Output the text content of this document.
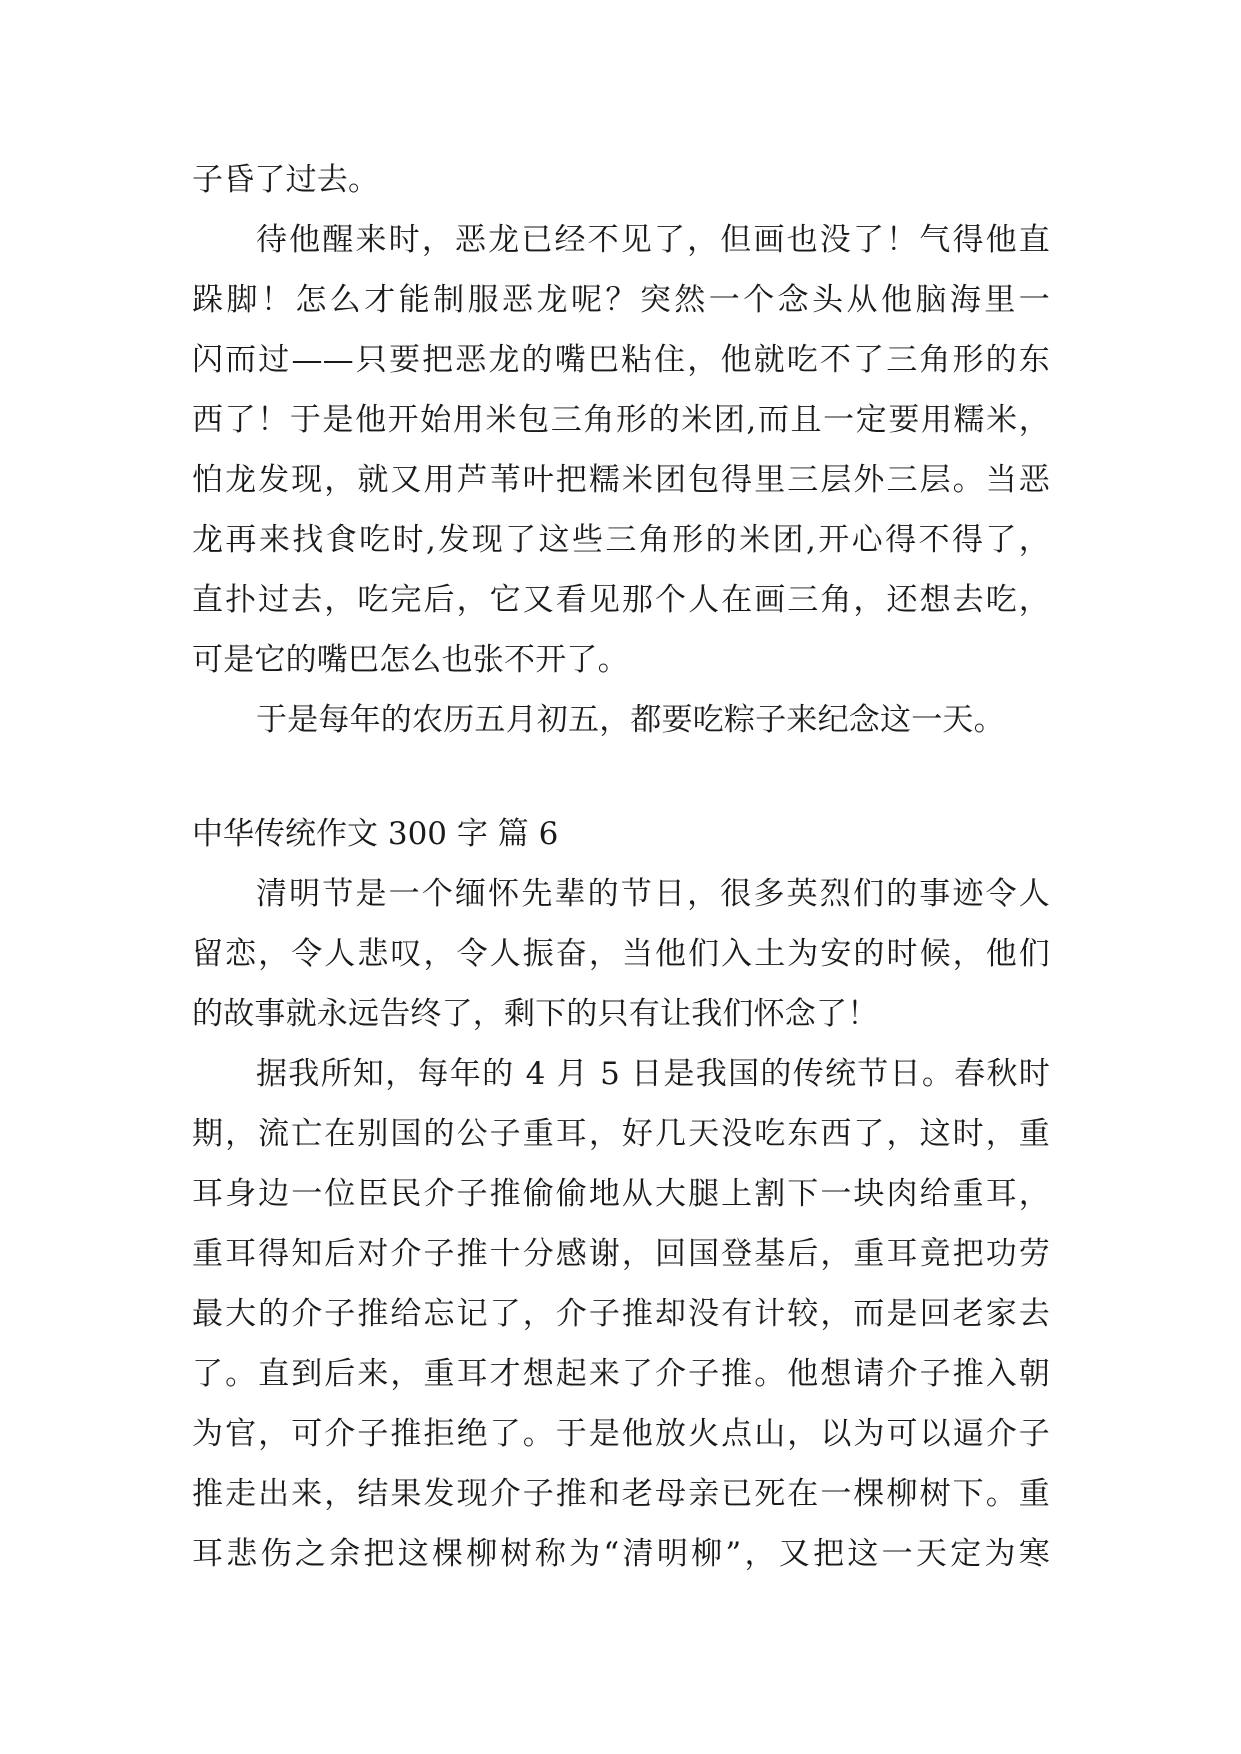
子昏了过去。
待他醒来时，恶龙已经不见了，但画也没了！气得他直
跺脚！怎么才能制服恶龙呢？突然一个念头从他脑海里一
闪而过——只要把恶龙的嘴巴粘住，他就吃不了三角形的东
西了！于是他开始用米包三角形的米团,而且一定要用糯米，
怕龙发现，就又用芦苇叶把糯米团包得里三层外三层。当恶
龙再来找食吃时,发现了这些三角形的米团,开心得不得了，
直扑过去，吃完后，它又看见那个人在画三角，还想去吃，
可是它的嘴巴怎么也张不开了。
于是每年的农历五月初五，都要吃粽子来纪念这一天。
中华传统作文 300 字 篇 6
清明节是一个缅怀先辈的节日，很多英烈们的事迹令人
留恋，令人悲叹，令人振奋，当他们入土为安的时候，他们
的故事就永远告终了，剩下的只有让我们怀念了！
据我所知，每年的 4 月 5 日是我国的传统节日。春秋时
期，流亡在别国的公子重耳，好几天没吃东西了，这时，重
耳身边一位臣民介子推偷偷地从大腿上割下一块肉给重耳，
重耳得知后对介子推十分感谢，回国登基后，重耳竟把功劳
最大的介子推给忘记了，介子推却没有计较，而是回老家去
了。直到后来，重耳才想起来了介子推。他想请介子推入朝
为官，可介子推拒绝了。于是他放火点山，以为可以逼介子
推走出来，结果发现介子推和老母亲已死在一棵柳树下。重
耳悲伤之余把这棵柳树称为“清明柳”，又把这一天定为寒
